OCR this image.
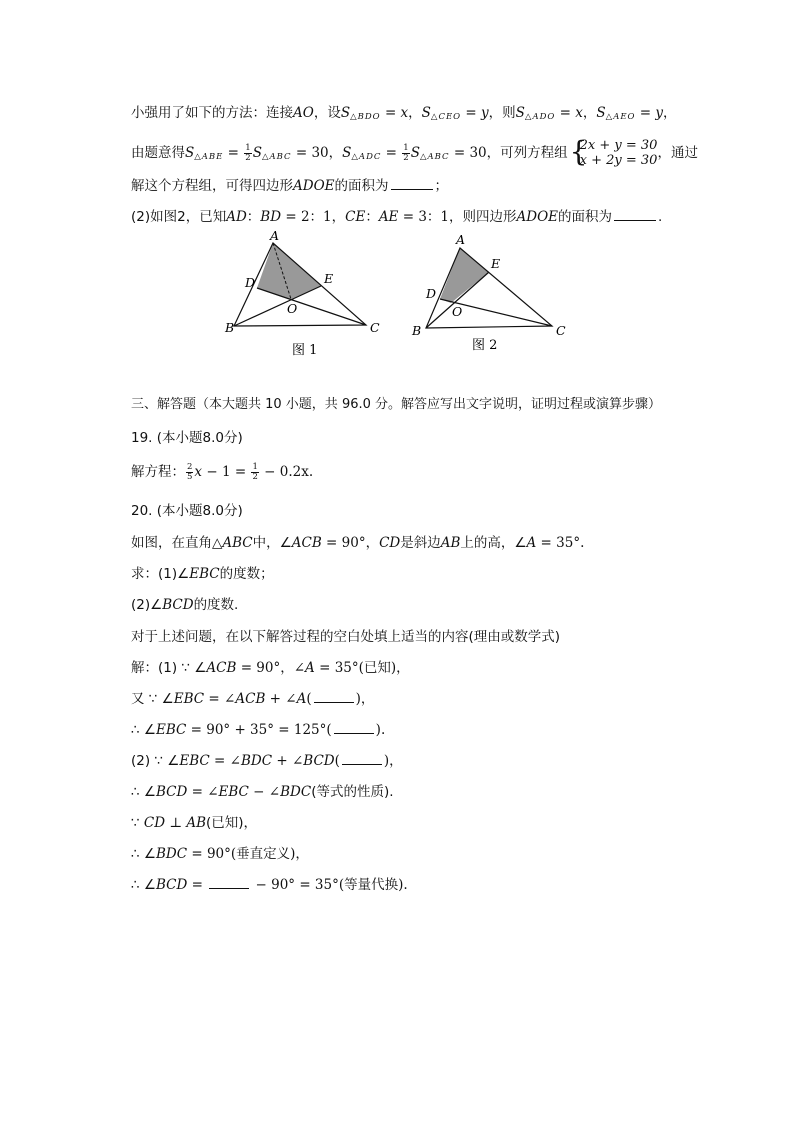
小强用了如下的方法：连接AO，设$S_{\triangle BDO} = x$，$S_{\triangle CEO} = y$，则$S_{\triangle ADO} = x$，$S_{\triangle AEO} = y$，
由题意得$S_{\triangle ABE} = \frac{1}{2} S_{\triangle ABC} = 30$，$S_{\triangle ADC} = \frac{1}{2} S_{\triangle ABC} = 30$，可列方程组 {
2x + y = 30
x + 2y = 30 ，通过
解这个方程组，可得四边形ADOE的面积为	；
(2)如图2，已知AD：BD = 2：1，CE：AE = 3：1，则四边形ADOE的面积为	.
A
D	E
O
B	C
图 1
A
D
E
O
B	C
图 2
三、解答题（本大题共 10 小题，共 96.0 分。解答应写出文字说明，证明过程或演算步骤）
19. (本小题8.0分)
解方程： $\frac{2}{5}$ $x - 1 = \frac{1}{2} - 0.2x$.
20. (本小题8.0分)
如图，在直角△ABC中，∠ACB = 90°，CD是斜边AB上的高，∠A = 35°.
求：(1)∠EBC的度数；
(2)∠BCD的度数.
对于上述问题，在以下解答过程的空白处填上适当的内容(理由或数学式)
解：(1) ∵ ∠ACB = 90°，∠A = 35°(已知)，
又 ∵ ∠EBC = ∠ACB + ∠A(	)，
∴ ∠EBC = 90° + 35° = 125°(	).
(2) ∵ ∠EBC = ∠BDC + ∠BCD(	)，
∴ ∠BCD = ∠EBC − ∠BDC(等式的性质).
∵ CD ⊥ AB(已知)，
∴ ∠BDC = 90°(垂直定义)，
∴ ∠BCD =	− 90° = 35°(等量代换).
